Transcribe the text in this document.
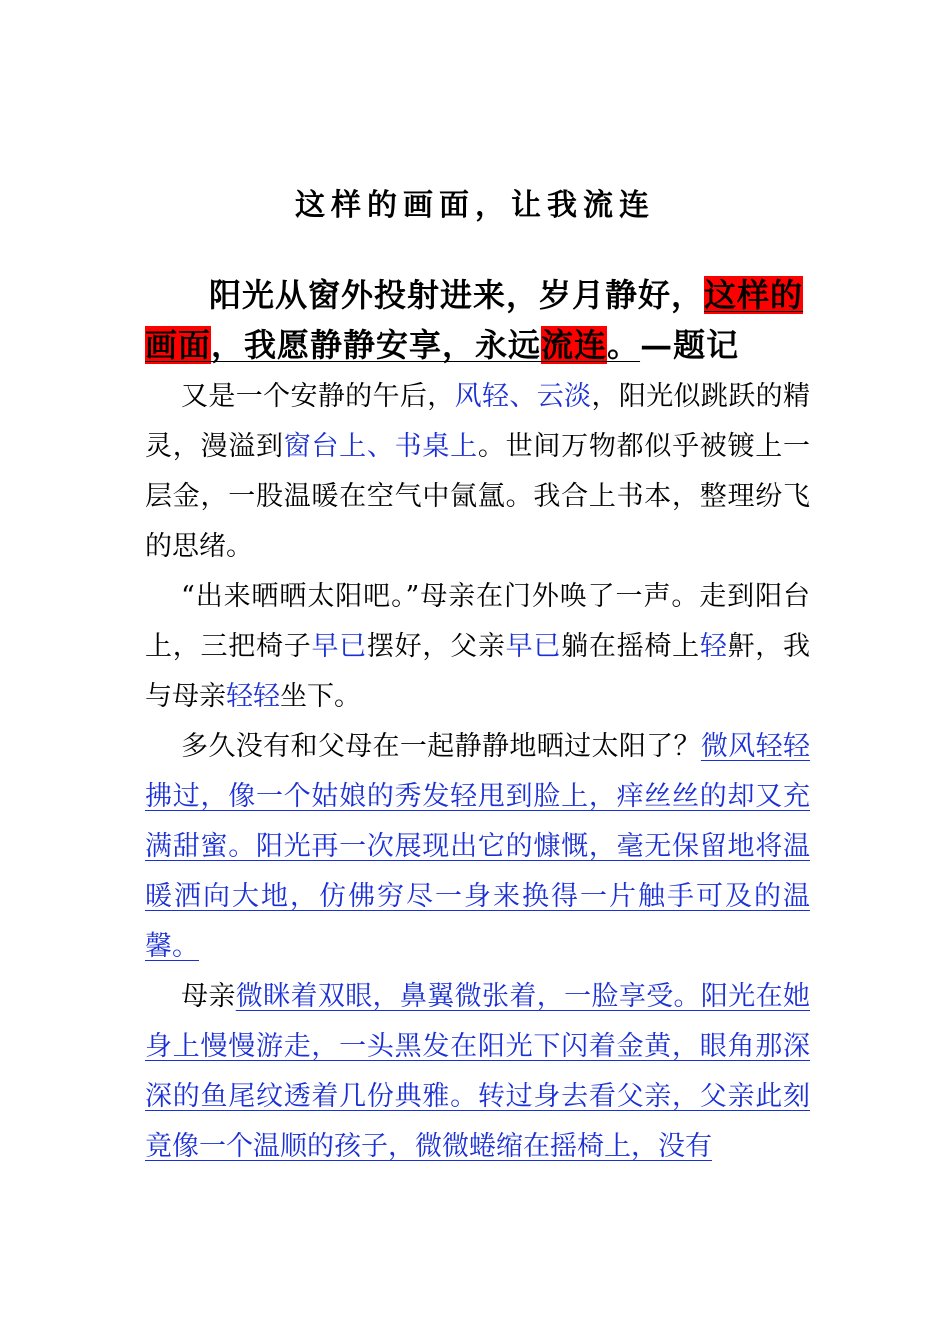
这样的画面，让我流连
阳光从窗外投射进来，岁月静好，这样的画面，我愿静静安享，永远流连。—题记

又是一个安静的午后，风轻、云淡，阳光似跳跃的精灵，漫溢到窗台上、书桌上。世间万物都似乎被镀上一层金，一股温暖在空气中氤氲。我合上书本，整理纷飞的思绪。

“出来晒晒太阳吧。”母亲在门外唤了一声。走到阳台上，三把椅子早已摆好，父亲早已躺在摇椅上轻鼾，我与母亲轻轻坐下。

多久没有和父母在一起静静地晒过太阳了？微风轻轻拂过，像一个姑娘的秀发轻甩到脸上，痒丝丝的却又充满甜蜜。阳光再一次展现出它的慷慨，毫无保留地将温暖洒向大地，仿佛穷尽一身来换得一片触手可及的温馨。

母亲微眯着双眼，鼻翼微张着，一脸享受。阳光在她身上慢慢游走，一头黑发在阳光下闪着金黄，眼角那深深的鱼尾纹透着几份典雅。转过身去看父亲，父亲此刻竟像一个温顺的孩子，微微蜷缩在摇椅上，没有
